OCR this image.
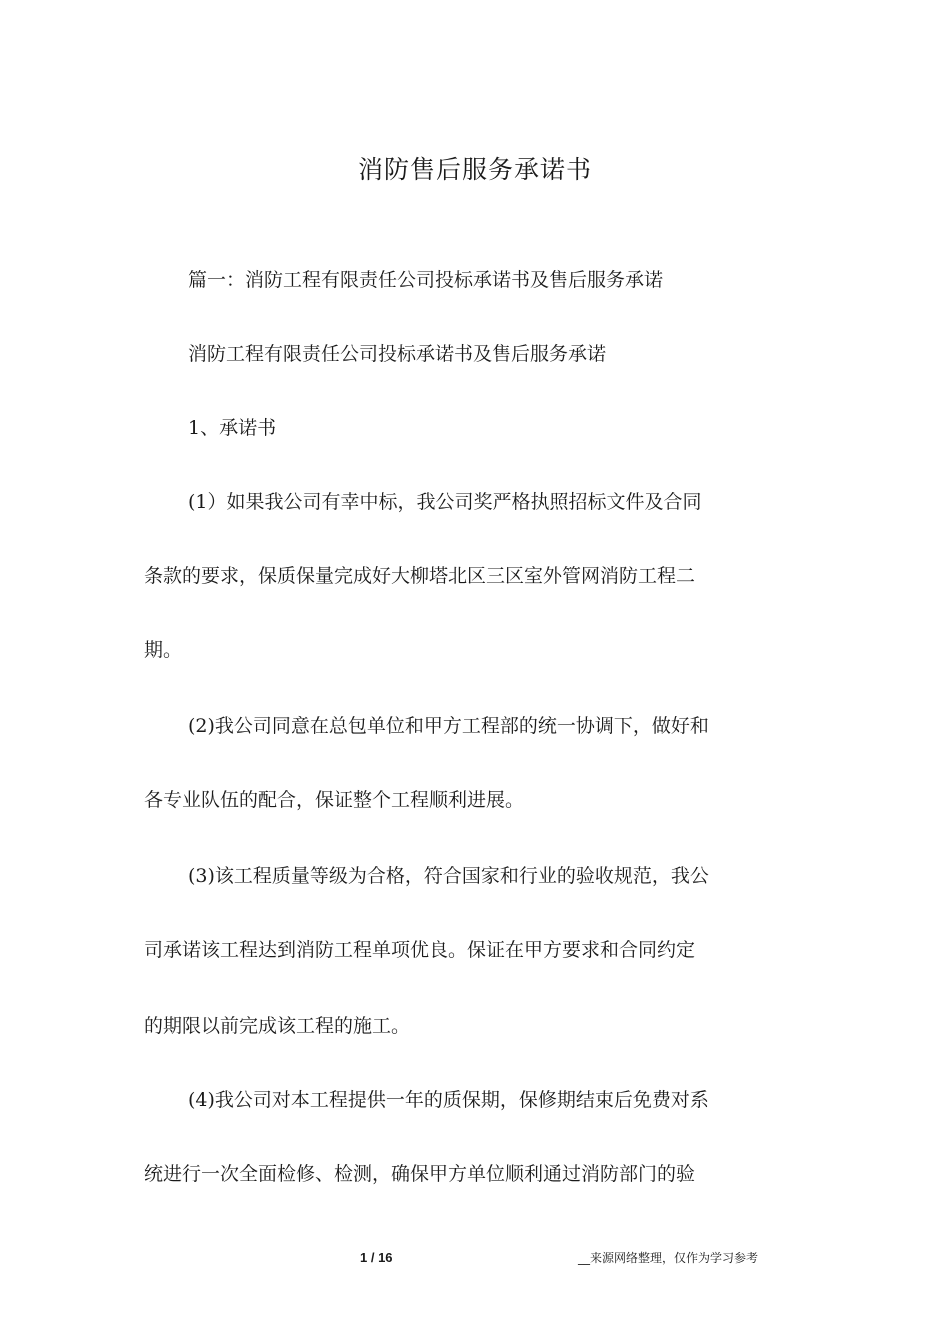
消防售后服务承诺书

篇一：消防工程有限责任公司投标承诺书及售后服务承诺

消防工程有限责任公司投标承诺书及售后服务承诺

1、承诺书

(1）如果我公司有幸中标，我公司奖严格执照招标文件及合同

条款的要求，保质保量完成好大柳塔北区三区室外管网消防工程二

期。

(2)我公司同意在总包单位和甲方工程部的统一协调下，做好和

各专业队伍的配合，保证整个工程顺利进展。

(3)该工程质量等级为合格，符合国家和行业的验收规范，我公

司承诺该工程达到消防工程单项优良。保证在甲方要求和合同约定

的期限以前完成该工程的施工。

(4)我公司对本工程提供一年的质保期，保修期结束后免费对系

统进行一次全面检修、检测，确保甲方单位顺利通过消防部门的验

1 / 16	__来源网络整理，仅作为学习参考
